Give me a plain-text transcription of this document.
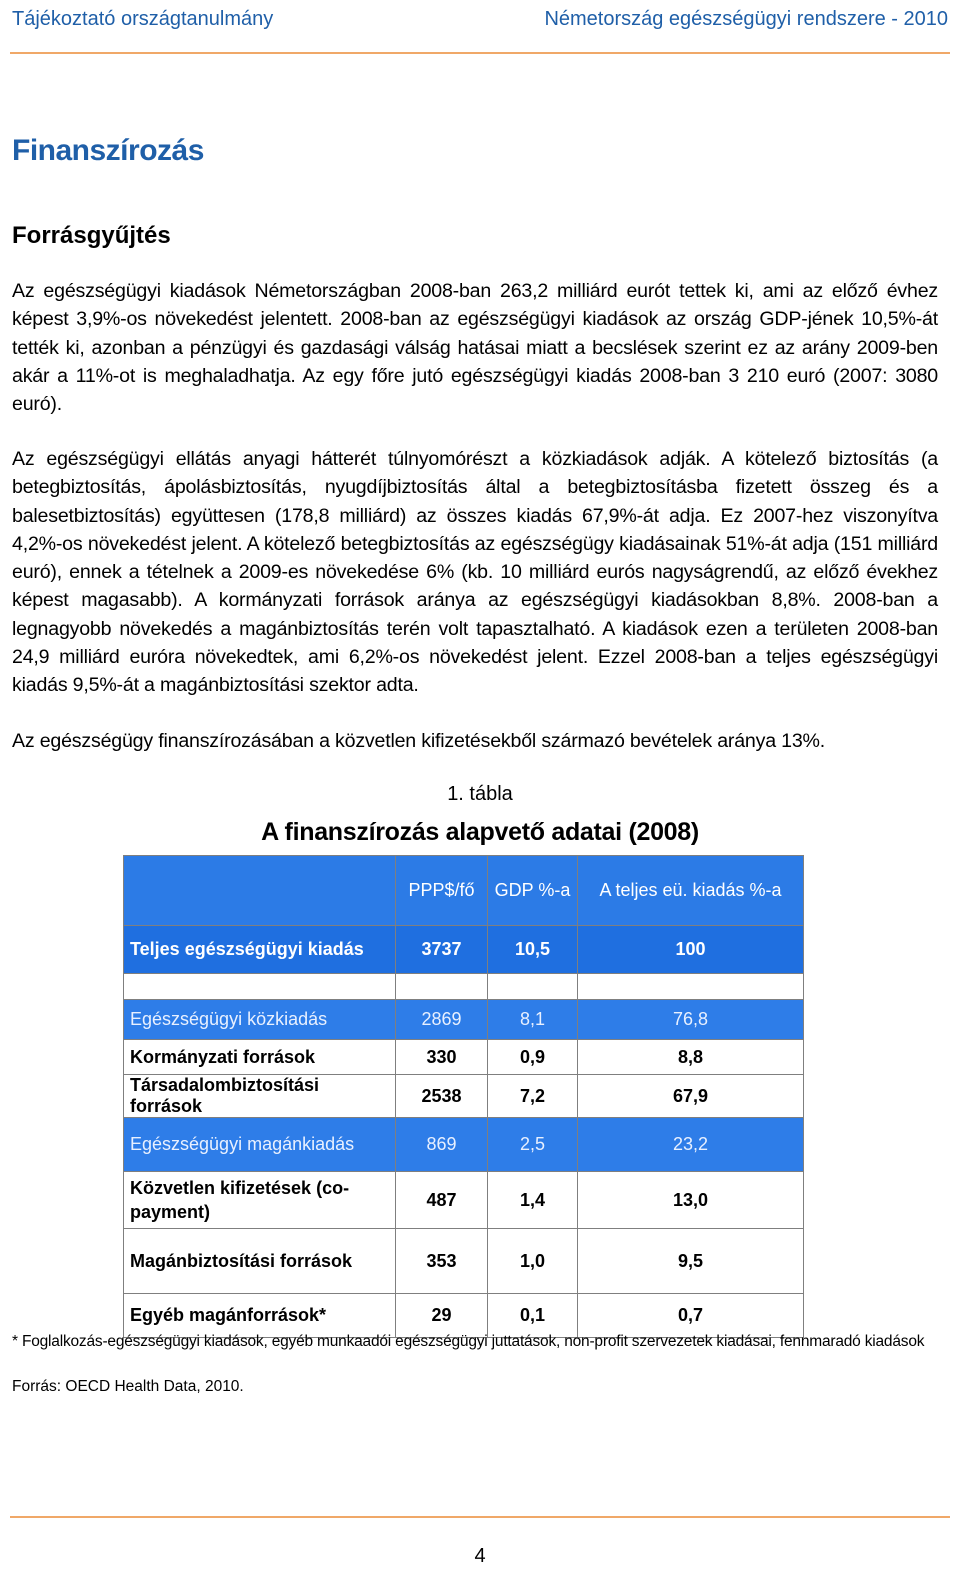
Tájékoztató országtanulmány	Németország egészségügyi rendszere - 2010
Finanszírozás
Forrásgyűjtés
Az egészségügyi kiadások Németországban 2008-ban 263,2 milliárd eurót tettek ki, ami az előző évhez képest 3,9%-os növekedést jelentett. 2008-ban az egészségügyi kiadások az ország GDP-jének 10,5%-át tették ki, azonban a pénzügyi és gazdasági válság hatásai miatt a becslések szerint ez az arány 2009-ben akár a 11%-ot is meghaladhatja. Az egy főre jutó egészségügyi kiadás 2008-ban 3 210 euró (2007: 3080 euró).
Az egészségügyi ellátás anyagi hátterét túlnyomórészt a közkiadások adják. A kötelező biztosítás (a betegbiztosítás, ápolásbiztosítás, nyugdíjbiztosítás által a betegbiztosításba fizetett összeg és a balesetbiztosítás) együttesen (178,8 milliárd) az összes kiadás 67,9%-át adja. Ez 2007-hez viszonyítva 4,2%-os növekedést jelent. A kötelező betegbiztosítás az egészségügy kiadásainak 51%-át adja (151 milliárd euró), ennek a tételnek a 2009-es növekedése 6% (kb. 10 milliárd eurós nagyságrendű, az előző évekhez képest magasabb). A kormányzati források aránya az egészségügyi kiadásokban 8,8%. 2008-ban a legnagyobb növekedés a magánbiztosítás terén volt tapasztalható. A kiadások ezen a területen 2008-ban 24,9 milliárd euróra növekedtek, ami 6,2%-os növekedést jelent. Ezzel 2008-ban a teljes egészségügyi kiadás 9,5%-át a magánbiztosítási szektor adta.
Az egészségügy finanszírozásában a közvetlen kifizetésekből származó bevételek aránya 13%.
1. tábla
A finanszírozás alapvető adatai (2008)
	PPP$/fő	GDP %-a	A teljes eü. kiadás %-a
Teljes egészségügyi kiadás	3737	10,5	100

Egészségügyi közkiadás	2869	8,1	76,8
Kormányzati források	330	0,9	8,8
Társadalombiztosítási források	2538	7,2	67,9
Egészségügyi magánkiadás	869	2,5	23,2
Közvetlen kifizetések (co-payment)	487	1,4	13,0
Magánbiztosítási források	353	1,0	9,5
Egyéb magánforrások*	29	0,1	0,7
* Foglalkozás-egészségügyi kiadások, egyéb munkaadói egészségügyi juttatások, non-profit szervezetek kiadásai, fennmaradó kiadások
Forrás: OECD Health Data, 2010.
4
